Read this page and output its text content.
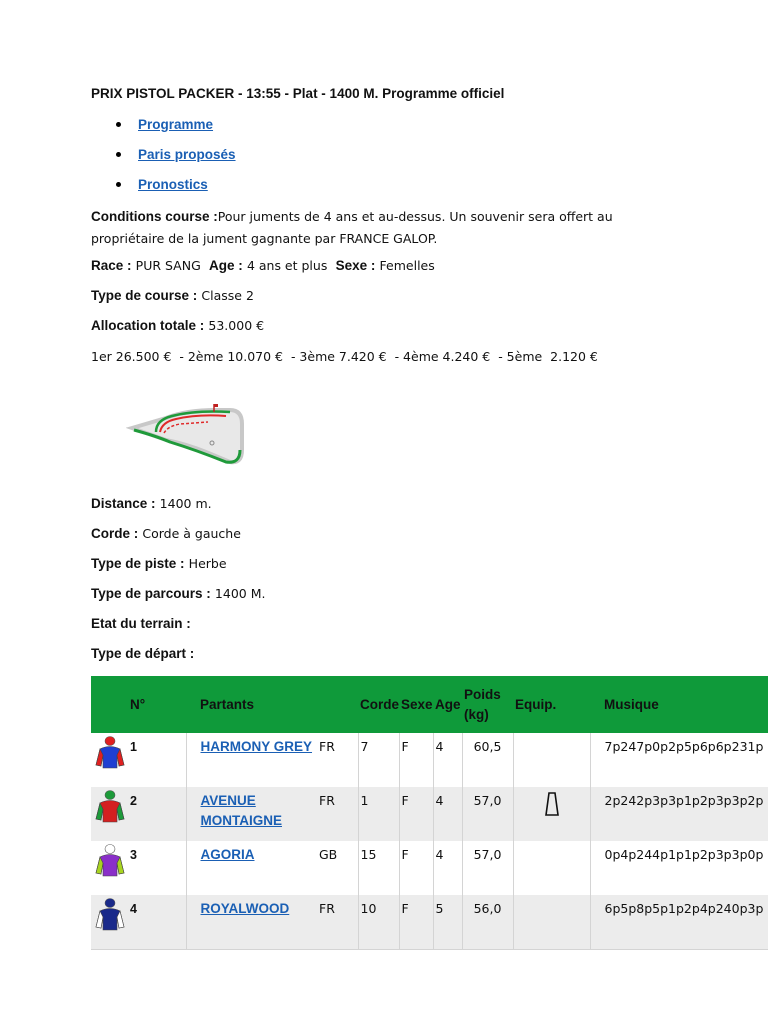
PRIX PISTOL PACKER - 13:55 - Plat - 1400 M. Programme officiel
Programme
Paris proposés
Pronostics
Conditions course :Pour juments de 4 ans et au-dessus. Un souvenir sera offert au propriétaire de la jument gagnante par FRANCE GALOP.
Race : PUR SANG Age : 4 ans et plus Sexe : Femelles
Type de course : Classe 2
Allocation totale : 53.000 €
1er 26.500 €  - 2ème 10.070 €  - 3ème 7.420 €  - 4ème 4.240 €  - 5ème  2.120 €
Distance : 1400 m.
Corde : Corde à gauche
Type de piste : Herbe
Type de parcours : 1400 M.
Etat du terrain :
Type de départ :
	N°	Partants		Corde	Sexe	Age	Poids (kg)	Equip.	Musique
	1	HARMONY GREY	FR	7	F	4	60,5		7p247p0p2p5p6p6p231p
	2	AVENUE MONTAIGNE	FR	1	F	4	57,0		2p242p3p3p1p2p3p3p2p
	3	AGORIA	GB	15	F	4	57,0		0p4p244p1p1p2p3p3p0p
	4	ROYALWOOD	FR	10	F	5	56,0		6p5p8p5p1p2p4p240p3p
